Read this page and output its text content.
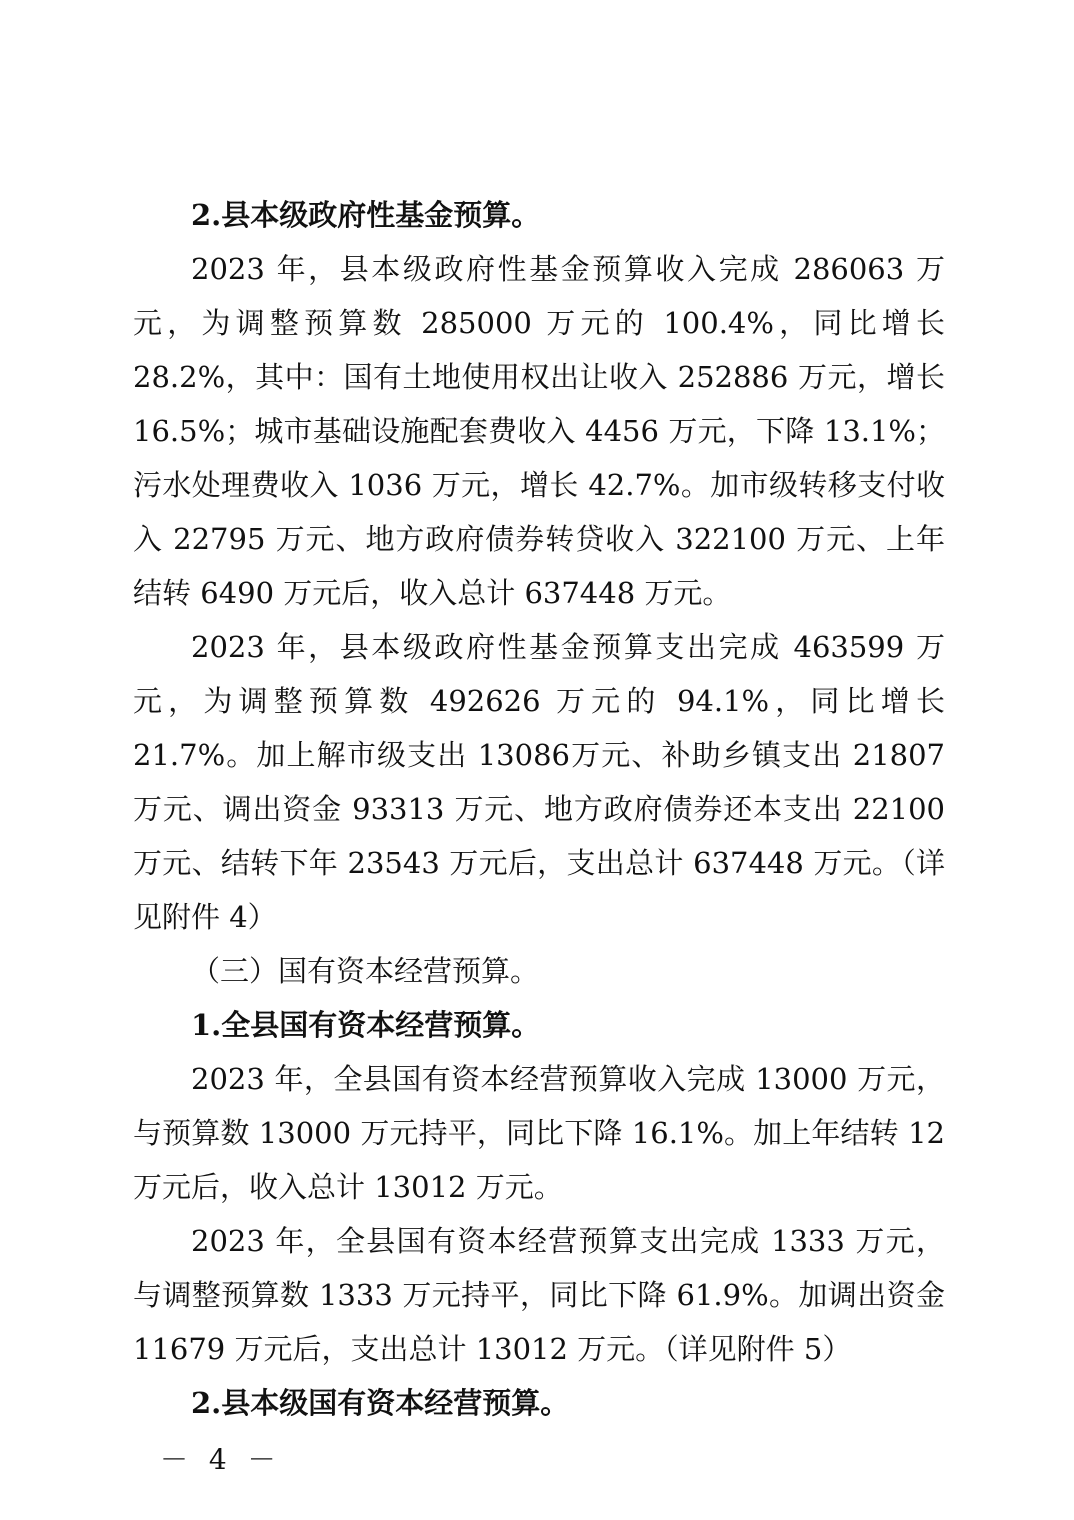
2.县本级政府性基金预算。

2023 年，县本级政府性基金预算收入完成 286063 万元，为调整预算数 285000 万元的 100.4%，同比增长 28.2%，其中：国有土地使用权出让收入 252886 万元，增长 16.5%；城市基础设施配套费收入 4456 万元，下降 13.1%；污水处理费收入 1036 万元，增长 42.7%。加市级转移支付收入 22795 万元、地方政府债券转贷收入 322100 万元、上年结转 6490 万元后，收入总计 637448 万元。

2023 年，县本级政府性基金预算支出完成 463599 万元，为调整预算数 492626 万元的 94.1%，同比增长 21.7%。加上解市级支出 13086万元、补助乡镇支出 21807万元、调出资金 93313 万元、地方政府债券还本支出 22100 万元、结转下年 23543 万元后，支出总计 637448 万元。（详见附件 4）

（三）国有资本经营预算。

1.全县国有资本经营预算。

2023 年，全县国有资本经营预算收入完成 13000 万元，与预算数 13000 万元持平，同比下降 16.1%。加上年结转 12 万元后，收入总计 13012 万元。

2023 年，全县国有资本经营预算支出完成 1333 万元，与调整预算数 1333 万元持平，同比下降 61.9%。加调出资金 11679 万元后，支出总计 13012 万元。（详见附件 5）

2.县本级国有资本经营预算。

－ 4 －
